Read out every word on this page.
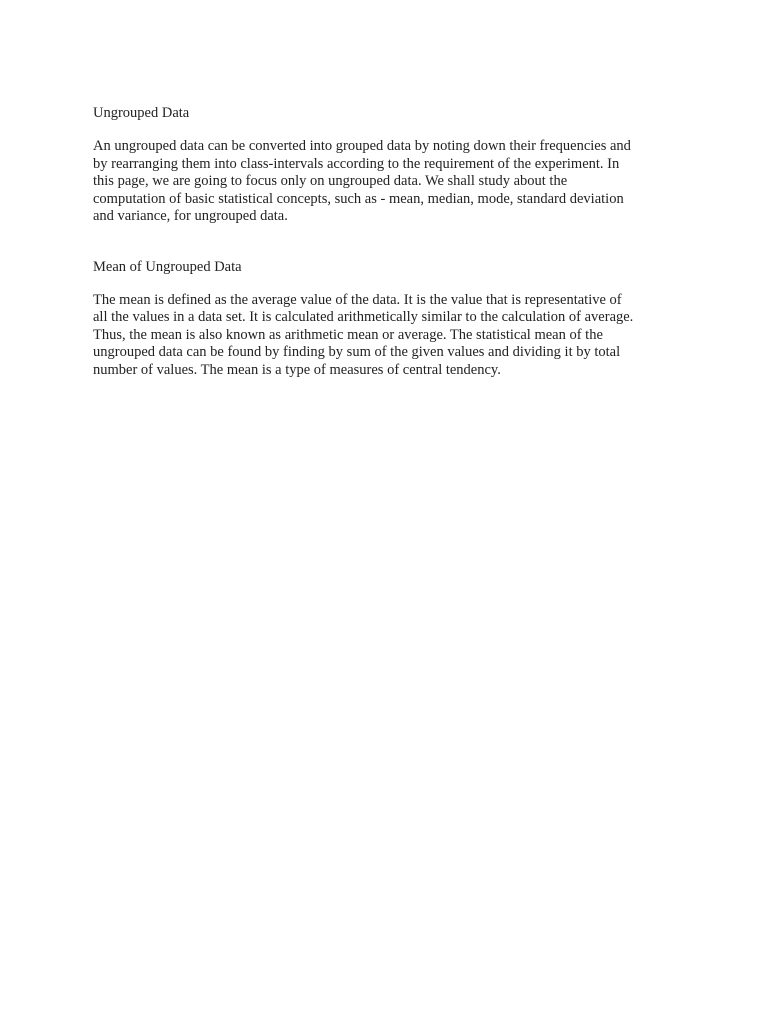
Ungrouped Data

An ungrouped data can be converted into grouped data by noting down their frequencies and
by rearranging them into class-intervals according to the requirement of the experiment. In
this page, we are going to focus only on ungrouped data. We shall study about the
computation of basic statistical concepts, such as - mean, median, mode, standard deviation
and variance, for ungrouped data.

Mean of Ungrouped Data

The mean is defined as the average value of the data. It is the value that is representative of
all the values in a data set. It is calculated arithmetically similar to the calculation of average.
Thus, the mean is also known as arithmetic mean or average. The statistical mean of the
ungrouped data can be found by finding by sum of the given values and dividing it by total
number of values. The mean is a type of measures of central tendency.
